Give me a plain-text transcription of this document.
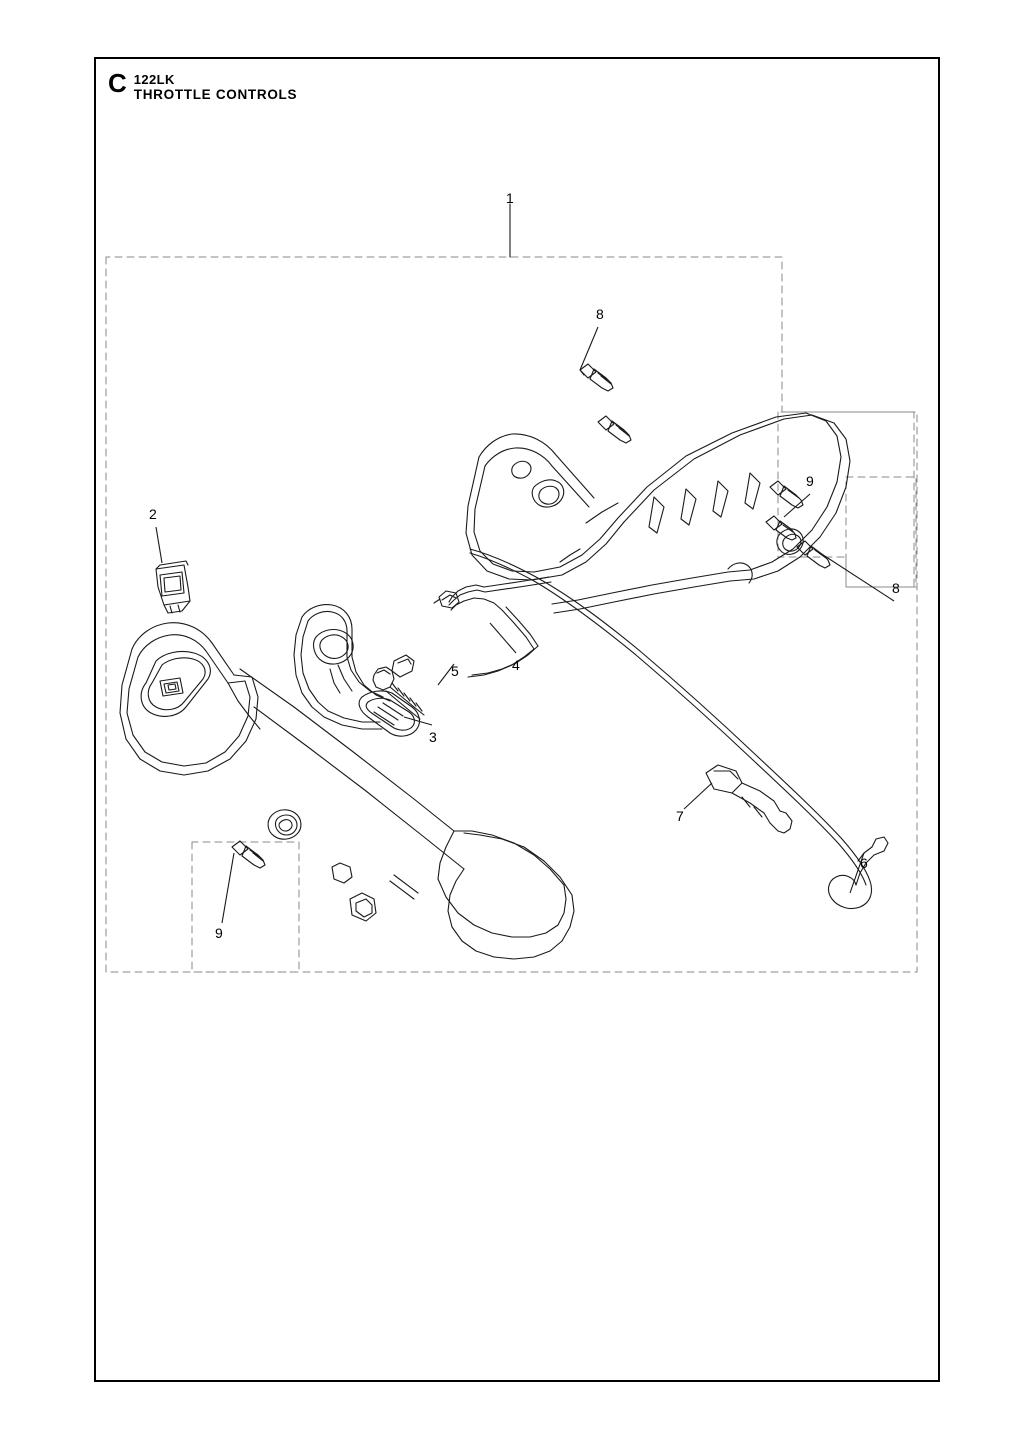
C 122LK
THROTTLE CONTROLS
1
8
2
9
8
5	4
3
7
6
9
